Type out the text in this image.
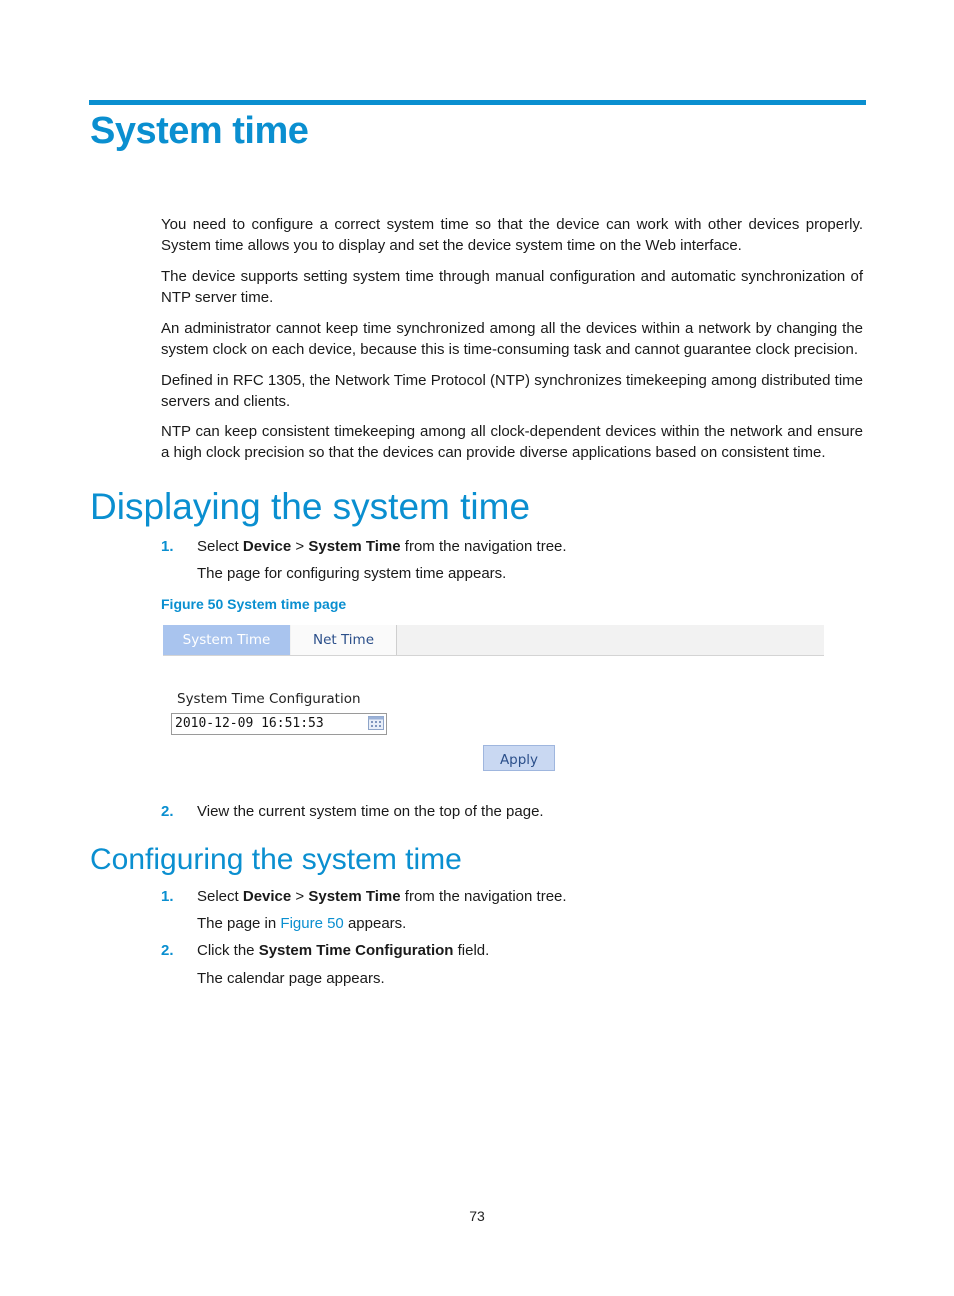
System time

You need to configure a correct system time so that the device can work with other devices properly. System time allows you to display and set the device system time on the Web interface.

The device supports setting system time through manual configuration and automatic synchronization of NTP server time.

An administrator cannot keep time synchronized among all the devices within a network by changing the system clock on each device, because this is time-consuming task and cannot guarantee clock precision.

Defined in RFC 1305, the Network Time Protocol (NTP) synchronizes timekeeping among distributed time servers and clients.

NTP can keep consistent timekeeping among all clock-dependent devices within the network and ensure a high clock precision so that the devices can provide diverse applications based on consistent time.

Displaying the system time
1. Select Device > System Time from the navigation tree.
The page for configuring system time appears.
Figure 50 System time page
System Time	Net Time
System Time Configuration
2010-12-09 16:51:53
Apply
2. View the current system time on the top of the page.
Configuring the system time
1. Select Device > System Time from the navigation tree.
The page in Figure 50 appears.
2. Click the System Time Configuration field.
The calendar page appears.
73
